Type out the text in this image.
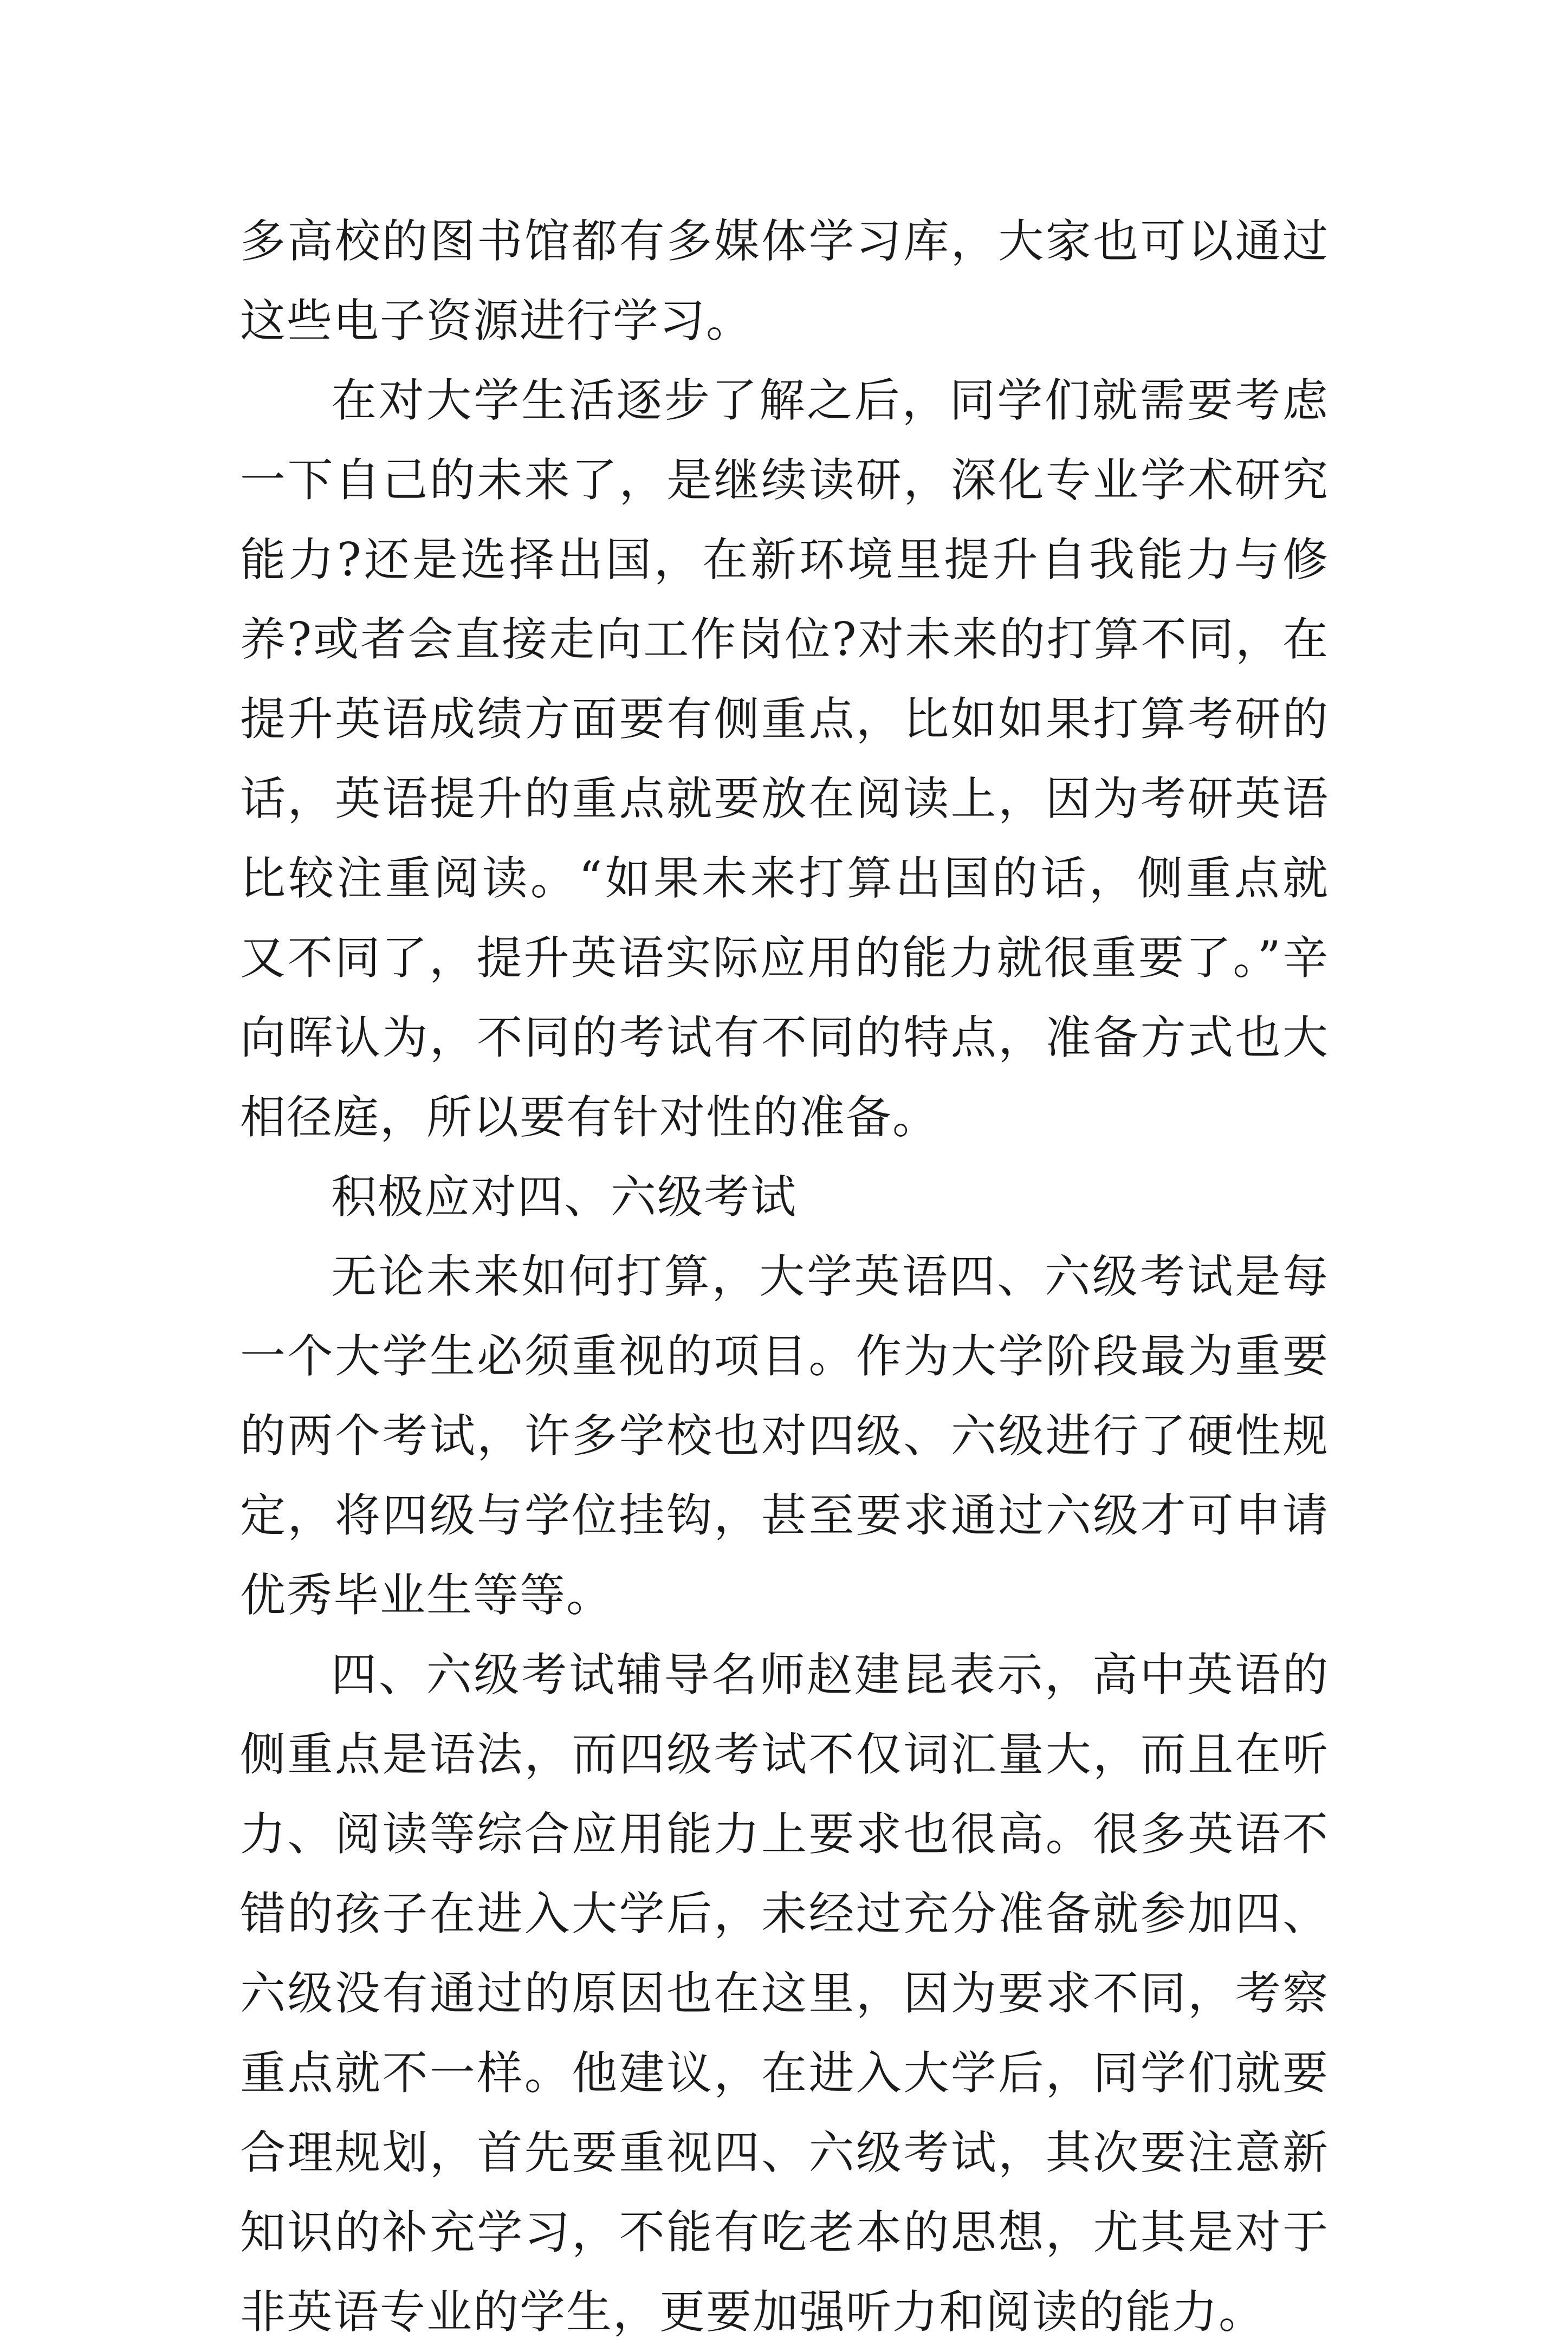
多高校的图书馆都有多媒体学习库，大家也可以通过这些电子资源进行学习。

在对大学生活逐步了解之后，同学们就需要考虑一下自己的未来了，是继续读研，深化专业学术研究能力?还是选择出国，在新环境里提升自我能力与修养?或者会直接走向工作岗位?对未来的打算不同，在提升英语成绩方面要有侧重点，比如如果打算考研的话，英语提升的重点就要放在阅读上，因为考研英语比较注重阅读。“如果未来打算出国的话，侧重点就又不同了，提升英语实际应用的能力就很重要了。”辛向晖认为，不同的考试有不同的特点，准备方式也大相径庭，所以要有针对性的准备。

积极应对四、六级考试

无论未来如何打算，大学英语四、六级考试是每一个大学生必须重视的项目。作为大学阶段最为重要的两个考试，许多学校也对四级、六级进行了硬性规定，将四级与学位挂钩，甚至要求通过六级才可申请优秀毕业生等等。

四、六级考试辅导名师赵建昆表示，高中英语的侧重点是语法，而四级考试不仅词汇量大，而且在听力、阅读等综合应用能力上要求也很高。很多英语不错的孩子在进入大学后，未经过充分准备就参加四、六级没有通过的原因也在这里，因为要求不同，考察重点就不一样。他建议，在进入大学后，同学们就要合理规划，首先要重视四、六级考试，其次要注意新知识的补充学习，不能有吃老本的思想，尤其是对于非英语专业的学生，更要加强听力和阅读的能力。
